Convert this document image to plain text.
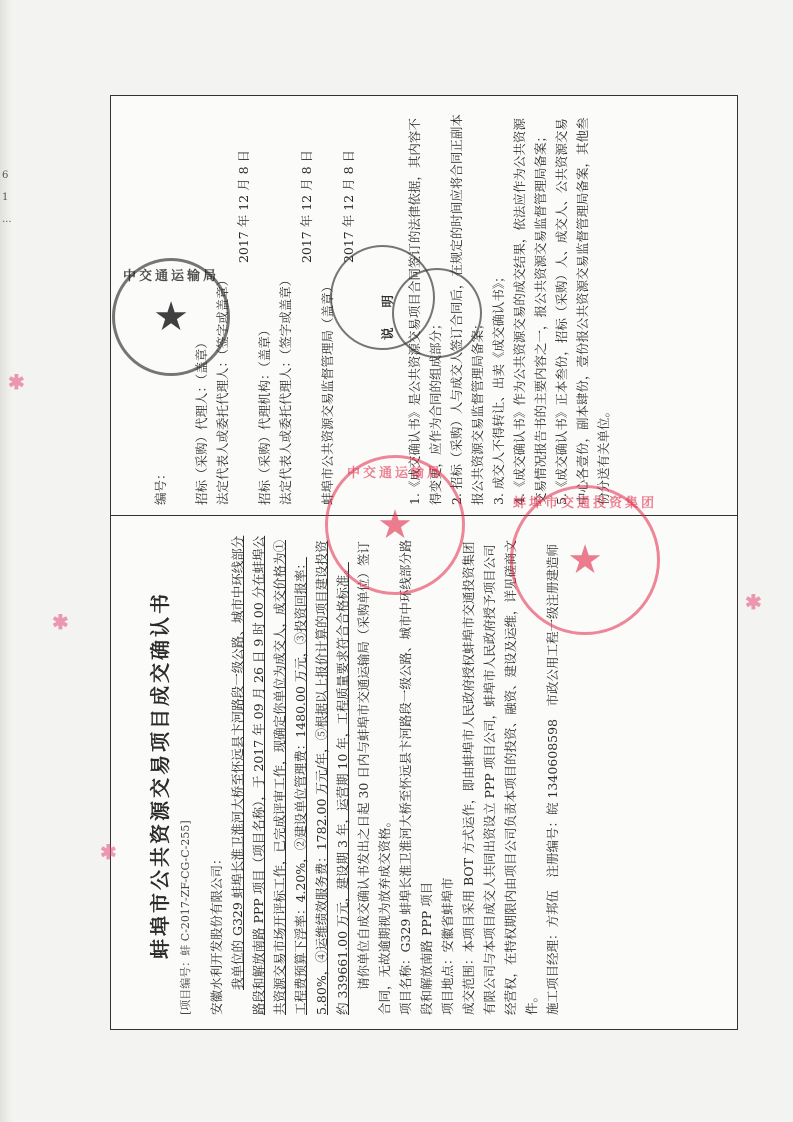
6
1
...
蚌埠市公共资源交易项目成交确认书 [项目编号：蚌 C-2017-ZF-CG-C-255]	安徽水利开发股份有限公司： 我单位的 G329 蚌埠长淮卫淮河大桥至怀远县卞河路段一级公路、城市中环线部分路段和解放南路 PPP 项目（项目名称），于 2017 年 09 月 26 日 9 时 00 分在蚌埠公共资源交易市场开评标工作，已完成评审工作，现确定你单位为成交人，成交价格为①工程费预算下浮率：4.20%，②建设单位管理费：1480.00 万元，③投资回报率：5.80%，④运维绩效服务费：1782.00 万元/年，⑤根据以上报价计算的项目建设投资约 339661.00 万元，建设期 3 年，运营期 10 年，工程质量要求符合合格标准。 请你单位自成交确认书发出之日起 30 日内与蚌埠市交通运输局（采购单位）签订合同，无故逾期视为放弃成交资格。 项目名称：G329 蚌埠长淮卫淮河大桥至怀远县卞河路段一级公路、城市中环线部分路段和解放南路 PPP 项目 项目地点：安徽省蚌埠市 成交范围：本项目采用 BOT 方式运作，即由蚌埠市人民政府授权蚌埠市交通投资集团有限公司与本项目成交人共同出资设立 PPP 项目公司，蚌埠市人民政府授予项目公司经营权，在特权期限内由项目公司负责本项目的投资、融资、建设及运维，详见磋商文件。 施工项目经理：方邦伍　注册编号：皖 1340608598　市政公用工程一级注册建造师

编号： 招标（采购）代理人：（盖章） 法定代表人或委托代理人：（签字或盖章）

2017 年 12 月 8 日

招标（采购）代理机构：（盖章） 法定代表人或委托代理人：（签字或盖章）

2017 年 12 月 8 日

蚌埠市公共资源交易监督管理局（盖章）

2017 年 12 月 8 日

说明 1.《成交确认书》是公共资源交易项目合同签订的法律依据，其内容不得变更，应作为合同的组成部分； 2. 招标（采购）人与成交人签订合同后，在规定的时间应将合同正副本报公共资源交易监督管理局备案； 3. 成交人不得转让、出卖《成交确认书》； 4.《成交确认书》作为公共资源交易的成交结果，依法应作为公共资源交易情况报告书的主要内容之一，报公共资源交易监督管理局备案； 5.《成交确认书》正本叁份，招标（采购）人、成交人、公共资源交易中心各壹份，副本肆份，壹份报公共资源交易监督管理局备案，其他叁份分送有关单位。

中交通运输局
★
中交通运输局
★	蚌埠市交通投资集团
★
✱
✱
✱
✱
